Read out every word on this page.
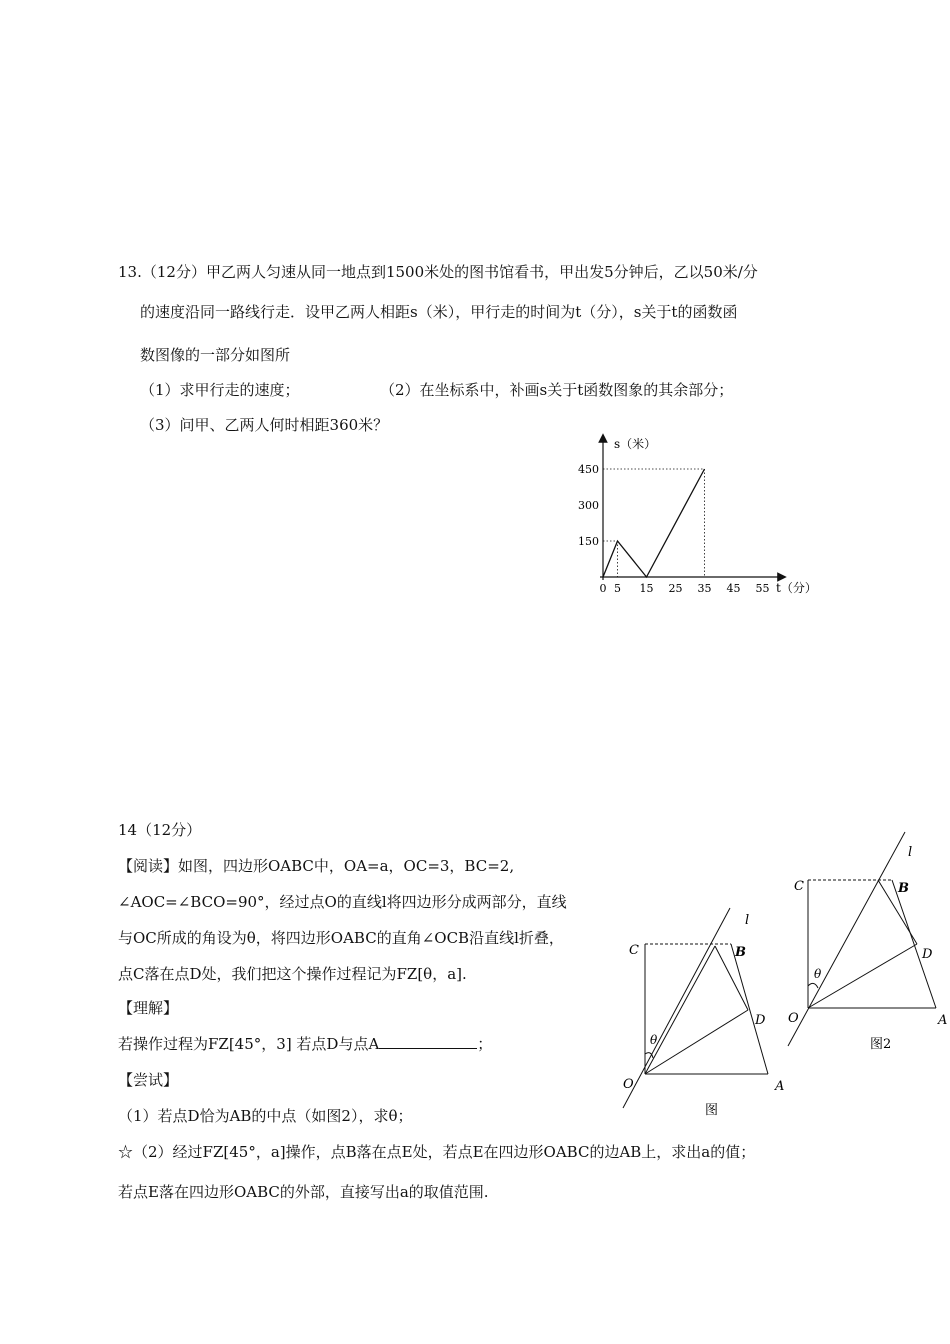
13.（12分）甲乙两人匀速从同一地点到1500米处的图书馆看书，甲出发5分钟后，乙以50米/分
的速度沿同一路线行走．设甲乙两人相距s（米），甲行走的时间为t（分），s关于t的函数函
数图像的一部分如图所
（1）求甲行走的速度；	（2）在坐标系中，补画s关于t函数图象的其余部分；
（3）问甲、乙两人何时相距360米？
s（米）
t（分）
0 5 15 25 35 45 55
150
300
450
14（12分）
【阅读】如图，四边形OABC中，OA=a，OC=3，BC=2,
∠AOC=∠BCO=90°，经过点O的直线l将四边形分成两部分，直线
与OC所成的角设为θ，将四边形OABC的直角∠OCB沿直线l折叠，
点C落在点D处，我们把这个操作过程记为FZ[θ，a].
【理解】
若操作过程为FZ[45°，3] 若点D与点A	；
【尝试】
（1）若点D恰为AB的中点（如图2），求θ；
☆（2）经过FZ[45°，a]操作，点B落在点E处，若点E在四边形OABC的边AB上，求出a的值；
若点E落在四边形OABC的外部，直接写出a的取值范围.
C	B
D
O	A
l
θ
图
C	B
D
O	A
l
θ
图2
